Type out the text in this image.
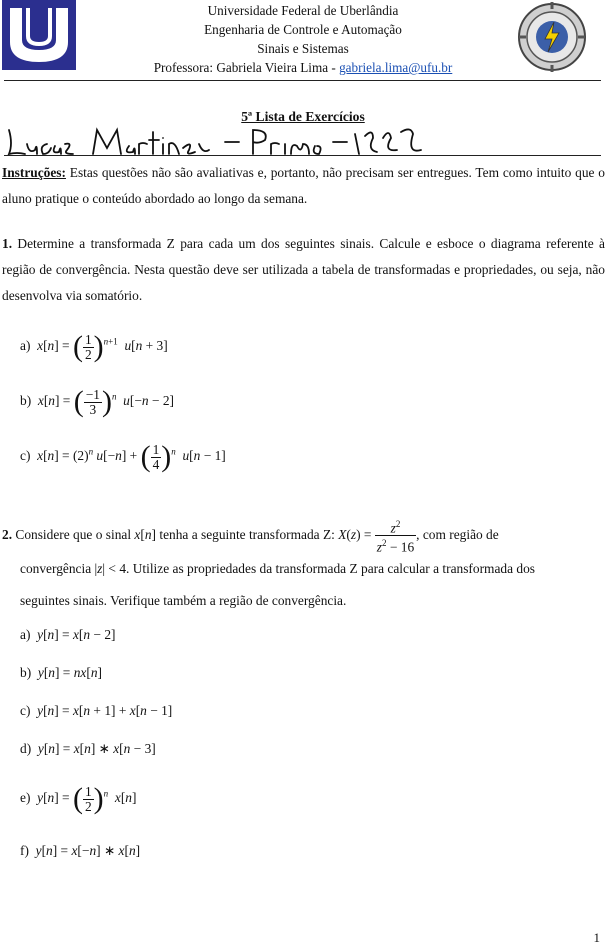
Universidade Federal de Uberlândia
Engenharia de Controle e Automação
Sinais e Sistemas
Professora: Gabriela Vieira Lima - gabriela.lima@ufu.br
5ª Lista de Exercícios
Instruções: Estas questões não são avaliativas e, portanto, não precisam ser entregues. Tem como intuito que o aluno pratique o conteúdo abordado ao longo da semana.
1. Determine a transformada Z para cada um dos seguintes sinais. Calcule e esboce o diagrama referente à região de convergência. Nesta questão deve ser utilizada a tabela de transformadas e propriedades, ou seja, não desenvolva via somatório.
a) x[n] = ( $\frac{1}{2} )^{n+1}$ u[n + 3]
b) x[n] = ( $\frac{-1}{3} )^n$ u[−n − 2]
c) $x[n] = (2)^n$ u[−n] + ( $\frac{1}{4} )^n$ u[n − 1]
2. Considere que o sinal x[n] tenha a seguinte transformada Z: $X(z) = \frac{z^2}{z^2 - 16}$ , com região de
convergência |z| < 4. Utilize as propriedades da transformada Z para calcular a transformada dos
seguintes sinais. Verifique também a região de convergência.
a) y[n] = x[n − 2]
b) y[n] = nx[n]
c) y[n] = x[n + 1] + x[n − 1]
d) y[n] = x[n] ∗ x[n − 3]
e) y[n] = ( $\frac{1}{2} )^n$ x[n]
f) y[n] = x[−n] ∗ x[n]
1
